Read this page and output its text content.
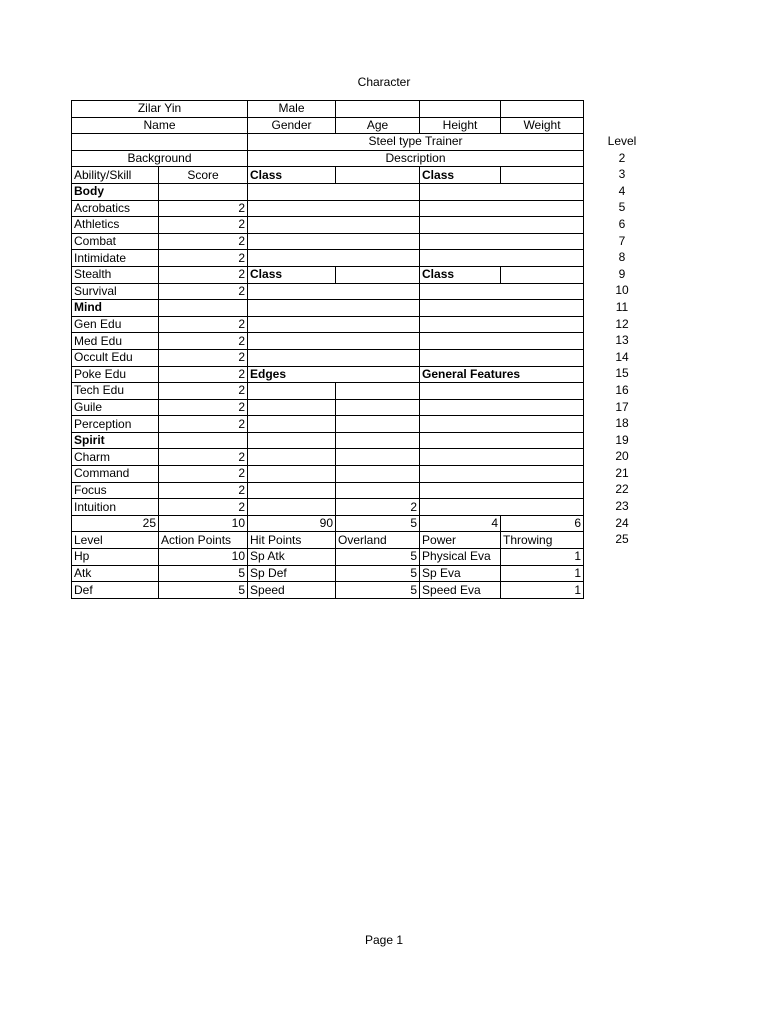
Character
Zilar Yin		Male			
Name		Gender	Age	Height	Weight
		Steel type Trainer			
Background		Description			
Ability/Skill	Score	Class		Class	
Body					
Acrobatics	2				
Athletics	2				
Combat	2				
Intimidate	2				
Stealth	2	Class		Class	
Survival	2				
Mind					
Gen Edu	2				
Med Edu	2				
Occult Edu	2				
Poke Edu	2	Edges		General Features	
Tech Edu	2				
Guile	2				
Perception	2				
Spirit					
Charm	2				
Command	2				
Focus	2				
Intuition	2		2		
25	10	90	5	4	6
Level	Action Points	Hit Points	Overland	Power	Throwing
Hp	10	Sp Atk	5	Physical Eva	1
Atk	5	Sp Def	5	Sp Eva	1
Def	5	Speed	5	Speed Eva	1
Level
2
3
4
5
6
7
8
9
10
11
12
13
14
15
16
17
18
19
20
21
22
23
24
25
Page 1
